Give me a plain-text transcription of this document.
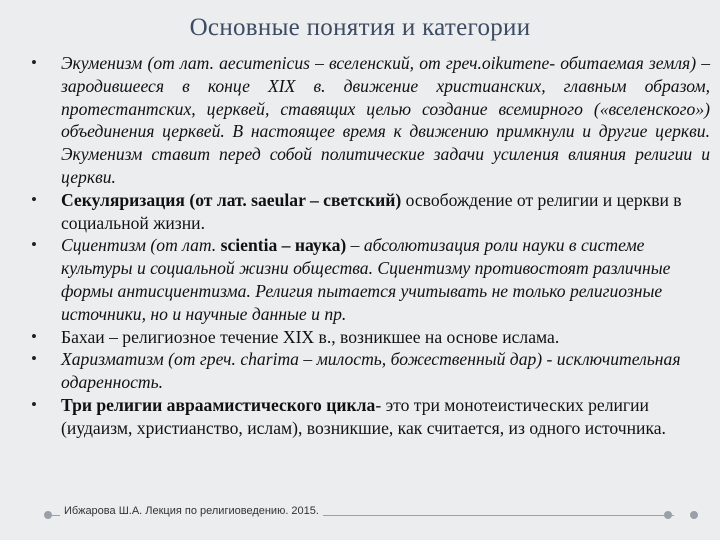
Основные понятия и категории
• Экуменизм (от лат. aecumenicus – вселенский, от греч.oikumene- обитаемая земля) – зародившееся в конце XIX в. движение христианских, главным образом, протестантских, церквей, ставящих целью создание всемирного («вселенского») объединения церквей. В настоящее время к движению примкнули и другие церкви. Экуменизм ставит перед собой политические задачи усиления влияния религии и церкви.
• Секуляризация (от лат. saeular – светский) освобождение от религии и церкви в социальной жизни.
• Сциентизм (от лат. scientia – наука) – абсолютизация роли науки в системе культуры и социальной жизни общества. Сциентизму противостоят различные формы антисциентизма. Религия пытается учитывать не только религиозные источники, но и научные данные и пр.
• Бахаи – религиозное течение XIX в., возникшее на основе ислама.
• Харизматизм (от греч. charima – милость, божественный дар) - исключительная одаренность.
• Три религии авраамистического цикла- это три монотеистических религии (иудаизм, христианство, ислам), возникшие, как считается, из одного источника.
Ибжарова Ш.А. Лекция по религиоведению. 2015.
